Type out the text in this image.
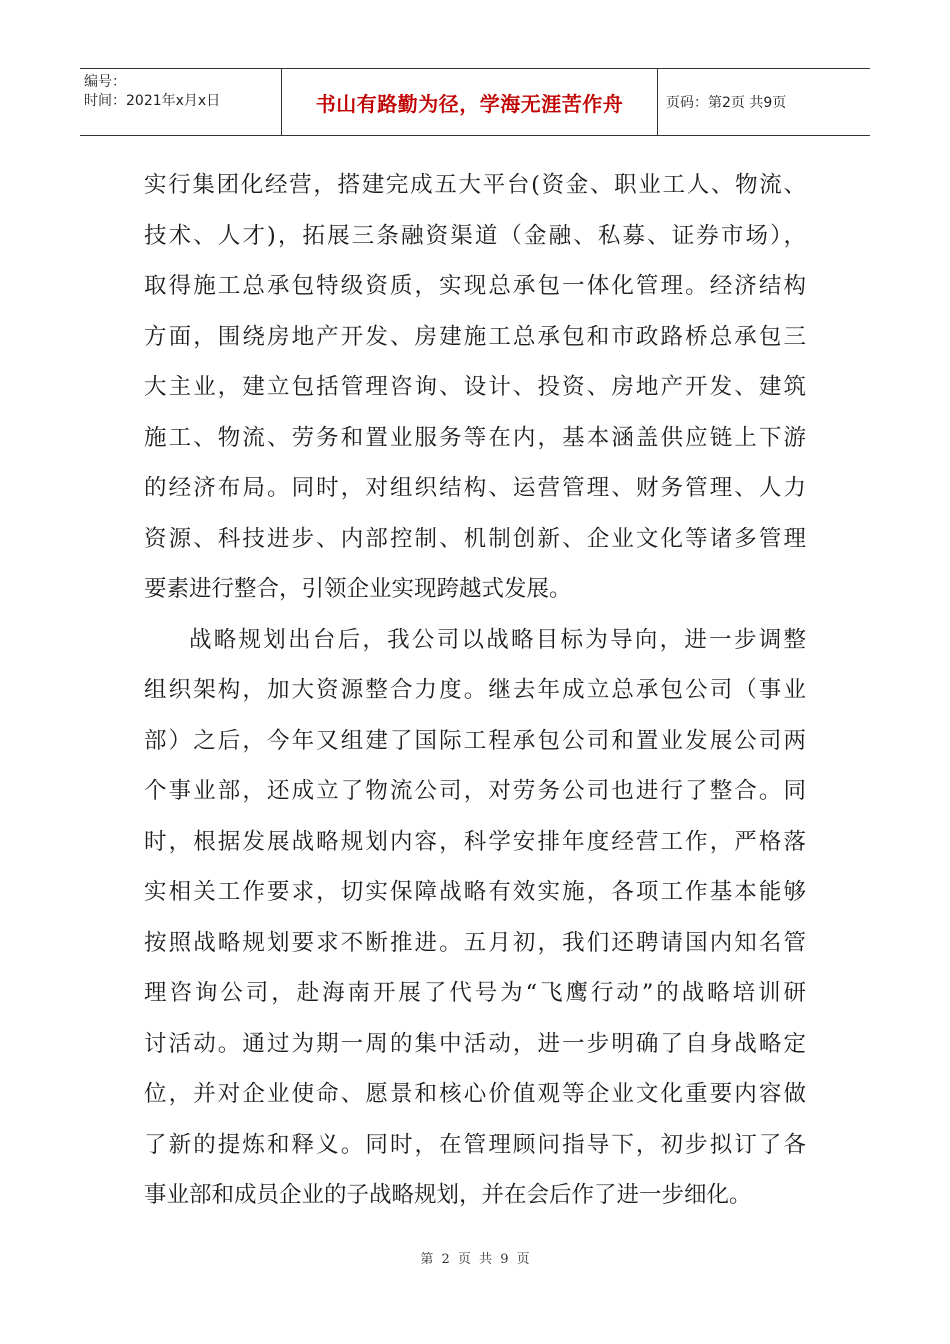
编号：
时间：2021年x月x日	书山有路勤为径，学海无涯苦作舟	页码：第2页 共9页
实行集团化经营，搭建完成五大平台(资金、职业工人、物流、
技术、人才)，拓展三条融资渠道（金融、私募、证券市场），
取得施工总承包特级资质，实现总承包一体化管理。经济结构
方面，围绕房地产开发、房建施工总承包和市政路桥总承包三
大主业，建立包括管理咨询、设计、投资、房地产开发、建筑
施工、物流、劳务和置业服务等在内，基本涵盖供应链上下游
的经济布局。同时，对组织结构、运营管理、财务管理、人力
资源、科技进步、内部控制、机制创新、企业文化等诸多管理
要素进行整合，引领企业实现跨越式发展。
战略规划出台后，我公司以战略目标为导向，进一步调整
组织架构，加大资源整合力度。继去年成立总承包公司（事业
部）之后，今年又组建了国际工程承包公司和置业发展公司两
个事业部，还成立了物流公司，对劳务公司也进行了整合。同
时，根据发展战略规划内容，科学安排年度经营工作，严格落
实相关工作要求，切实保障战略有效实施，各项工作基本能够
按照战略规划要求不断推进。五月初，我们还聘请国内知名管
理咨询公司，赴海南开展了代号为“飞鹰行动”的战略培训研
讨活动。通过为期一周的集中活动，进一步明确了自身战略定
位，并对企业使命、愿景和核心价值观等企业文化重要内容做
了新的提炼和释义。同时，在管理顾问指导下，初步拟订了各
事业部和成员企业的子战略规划，并在会后作了进一步细化。
第 2 页 共 9 页
